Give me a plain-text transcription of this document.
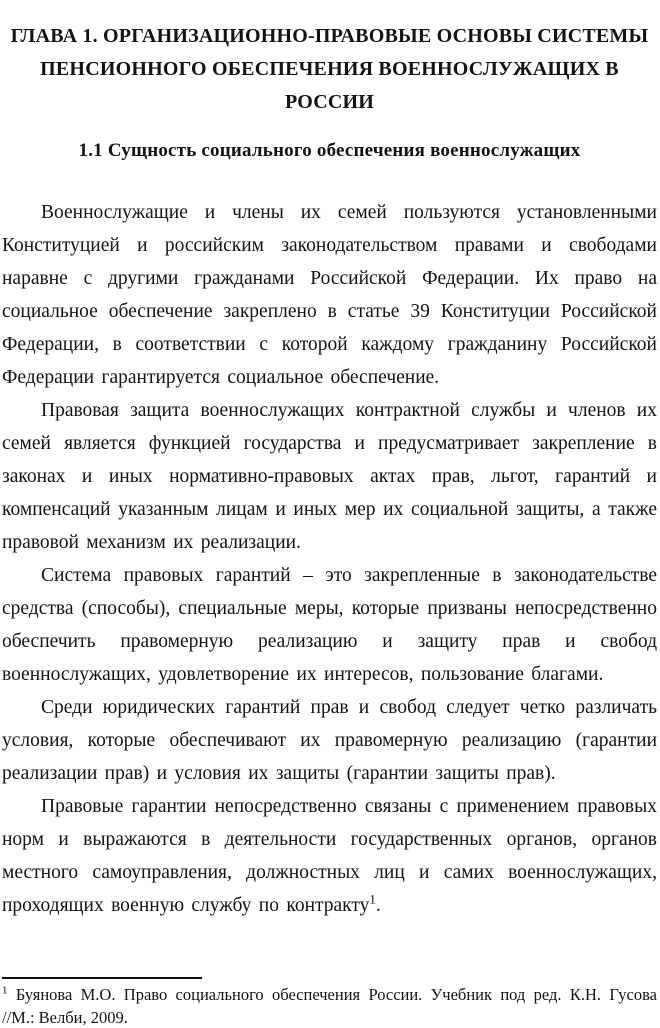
ГЛАВА 1. ОРГАНИЗАЦИОННО-ПРАВОВЫЕ ОСНОВЫ СИСТЕМЫ
ПЕНСИОННОГО ОБЕСПЕЧЕНИЯ ВОЕННОСЛУЖАЩИХ В
РОССИИ
1.1 Сущность социального обеспечения военнослужащих

Военнослужащие и члены их семей пользуются установленными Конституцией и российским законодательством правами и свободами наравне с другими гражданами Российской Федерации. Их право на социальное обеспечение закреплено в статье 39 Конституции Российской Федерации, в соответствии с которой каждому гражданину Российской Федерации гарантируется социальное обеспечение.

Правовая защита военнослужащих контрактной службы и членов их семей является функцией государства и предусматривает закрепление в законах и иных нормативно-правовых актах прав, льгот, гарантий и компенсаций указанным лицам и иных мер их социальной защиты, а также правовой механизм их реализации.

Система правовых гарантий – это закрепленные в законодательстве средства (способы), специальные меры, которые призваны непосредственно обеспечить правомерную реализацию и защиту прав и свобод военнослужащих, удовлетворение их интересов, пользование благами.

Среди юридических гарантий прав и свобод следует четко различать условия, которые обеспечивают их правомерную реализацию (гарантии реализации прав) и условия их защиты (гарантии защиты прав).

Правовые гарантии непосредственно связаны с применением правовых норм и выражаются в деятельности государственных органов, органов местного самоуправления, должностных лиц и самих военнослужащих, проходящих военную службу по контракту$^1$.

$^1$ Буянова М.О. Право социального обеспечения России. Учебник под ред. К.Н. Гусова
//М.: Велби, 2009.
